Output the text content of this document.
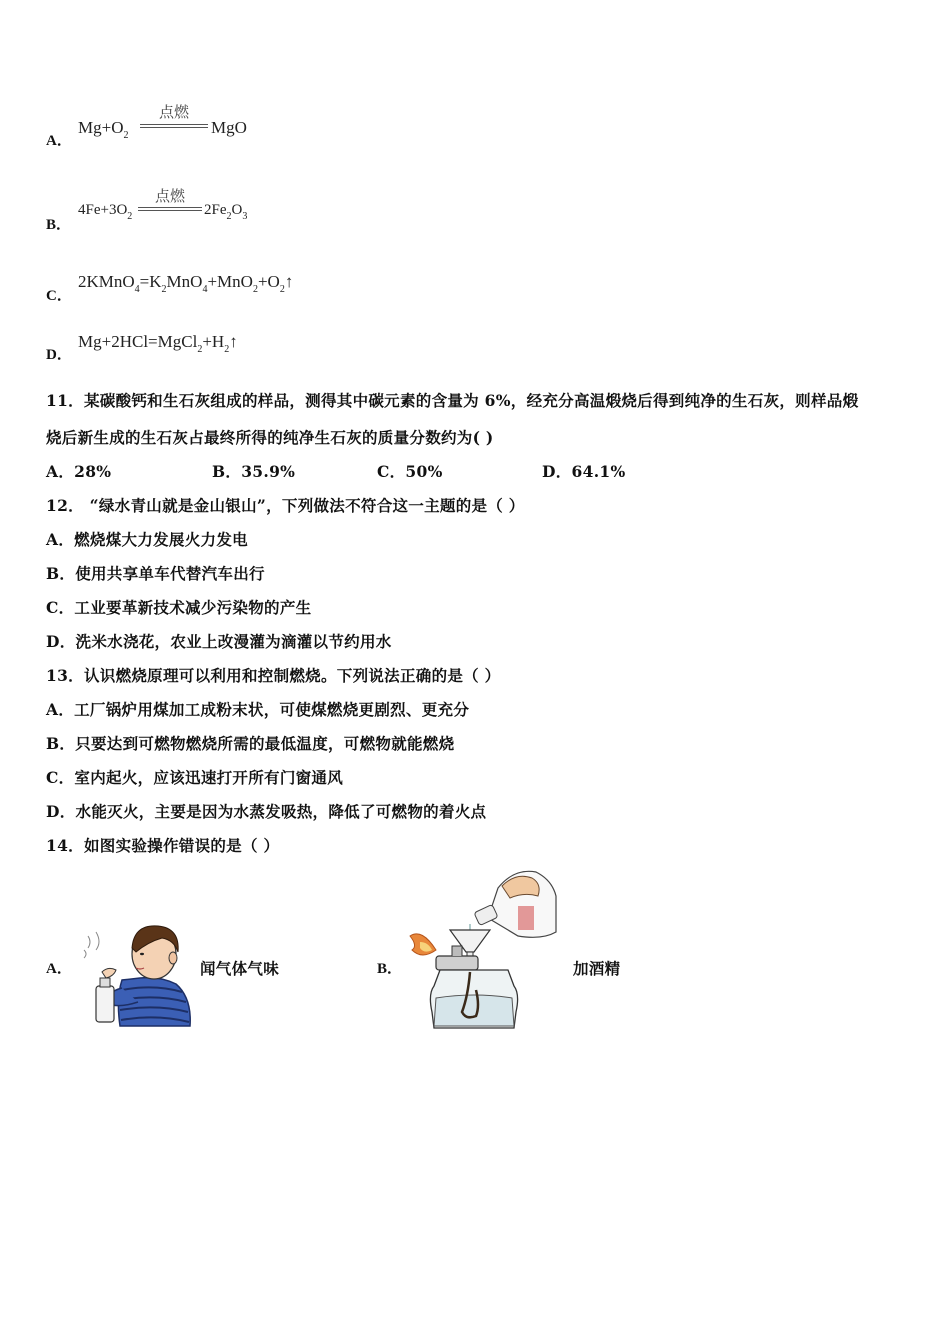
A．
$Mg+O_2$
点燃
MgO
B．
$4Fe+3O_2$
点燃
$2Fe_2O_3$
C．
$2KMnO_4=K_2MnO_4+MnO_2+O_2↑$
D．
$Mg+2HCl=MgCl_2+H_2↑$
11．某碳酸钙和生石灰组成的样品，测得其中碳元素的含量为 6%，经充分高温煅烧后得到纯净的生石灰，则样品煅
烧后新生成的生石灰占最终所得的纯净生石灰的质量分数约为( )
A．28%	B．35.9%	C．50%	D．64.1%
12． “绿水青山就是金山银山”，下列做法不符合这一主题的是（ ）
A．燃烧煤大力发展火力发电
B．使用共享单车代替汽车出行
C．工业要革新技术减少污染物的产生
D．洗米水浇花，农业上改漫灌为滴灌以节约用水
13．认识燃烧原理可以利用和控制燃烧。下列说法正确的是（ ）
A．工厂锅炉用煤加工成粉末状，可使煤燃烧更剧烈、更充分
B．只要达到可燃物燃烧所需的最低温度，可燃物就能燃烧
C．室内起火，应该迅速打开所有门窗通风
D．水能灭火，主要是因为水蒸发吸热，降低了可燃物的着火点
14．如图实验操作错误的是（ ）
A．	闻气体气味	B．	加酒精
